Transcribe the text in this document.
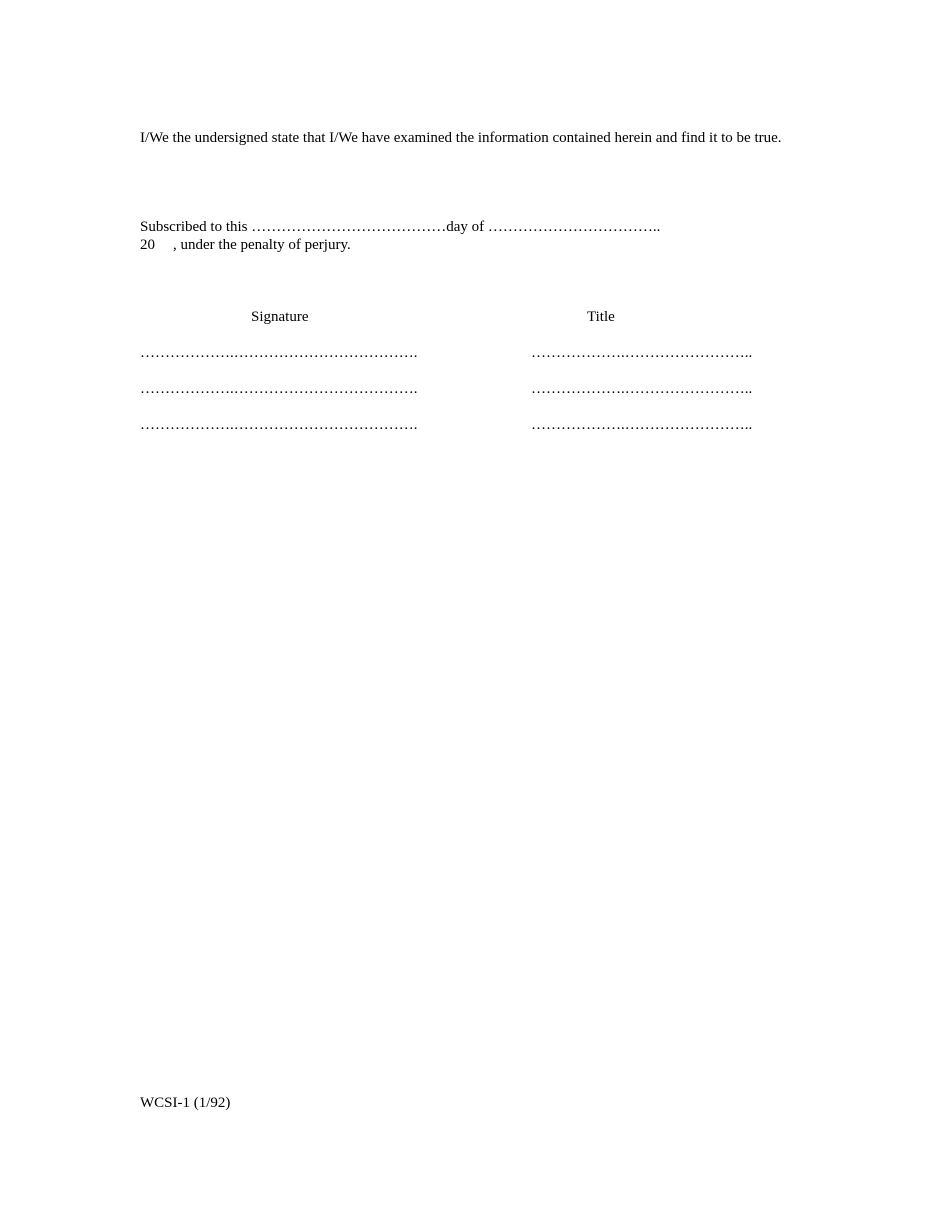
I/We the undersigned state that I/We have examined the information contained herein and find it to be true.
Subscribed to this …………………………………day of ……………………………..
20 , under the penalty of perjury.
Signature	Title
……………….……………………………….	……………….……………………..
……………….……………………………….	……………….……………………..
……………….……………………………….	……………….……………………..
WCSI-1 (1/92)
